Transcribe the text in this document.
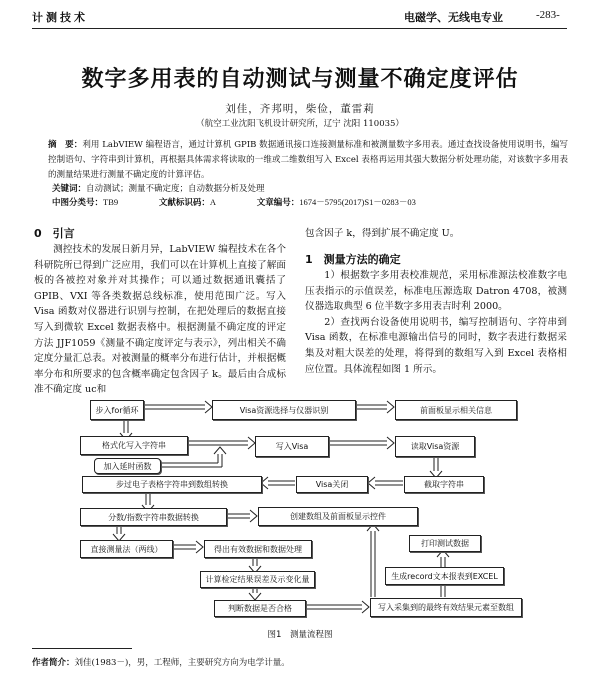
计测技术	电磁学、无线电专业	-283-
数字多用表的自动测试与测量不确定度评估
刘佳，齐邦明，柴俭，董雷莉
（航空工业沈阳飞机设计研究所，辽宁 沈阳 110035）
摘　要：利用 LabVIEW 编程语言，通过计算机 GPIB 数据通讯接口连接测量标准和被测量数字多用表。通过查找设备使用说明书，编写控制语句、字符串到计算机，再根据具体需求将读取的一维或二维数组写入 Excel 表格再运用其强大数据分析处理功能，对该数字多用表的测量结果进行测量不确定度的计算评估。
关键词：自动测试；测量不确定度；自动数据分析及处理
中图分类号：TB9	文献标识码：A	文章编号：1674－5795(2017)S1－0283－03
0　引言

测控技术的发展日新月异，LabVIEW 编程技术在各个科研院所已得到广泛应用，我们可以在计算机上直接了解面板的各被控对象并对其操作；可以通过数据通讯囊括了 GPIB、VXI 等各类数据总线标准，使用范围广泛。写入 Visa 函数对仪器进行识别与控制，在把处理后的数据直接写入到微软 Excel 数据表格中。根据测量不确定度的评定方法 JJF1059《测量不确定度评定与表示》，列出相关不确定度分量汇总表。对被测量的概率分布进行估计，并根据概率分布和所要求的包含概率确定包含因子 k。最后由合成标准不确定度 uc和

包含因子 k，得到扩展不确定度 U。

1　测量方法的确定

1）根据数字多用表校准规范，采用标准源法校准数字电压表指示的示值误差，标准电压源选取 Datron 4708，被测仪器选取典型 6 位半数字多用表吉时利 2000。

2）查找两台设备使用说明书，编写控制语句、字符串到 Visa 函数，在标准电源输出信号的同时，数字表进行数据采集及对粗大误差的处理，将得到的数组写入到 Excel 表格相应位置。具体流程如图 1 所示。

步入for循环	Visa资源选择与仪器识别	前面板显示相关信息
格式化写入字符串	写入Visa	读取Visa资源
加入延时函数
步过电子表格字符串到数组转换	Visa关闭	截取字符串
分数/指数字符串数据转换	创建数组及前面板显示控件
直接测量法（两线）	得出有效数据和数据处理
计算检定结果误差及示变化量
判断数据是否合格
打印测试数据
生成record文本报表到EXCEL
写入采集到的最终有效结果元素至数组
图1　测量流程图
作者简介：刘佳(1983－)，男，工程师，主要研究方向为电学计量。
